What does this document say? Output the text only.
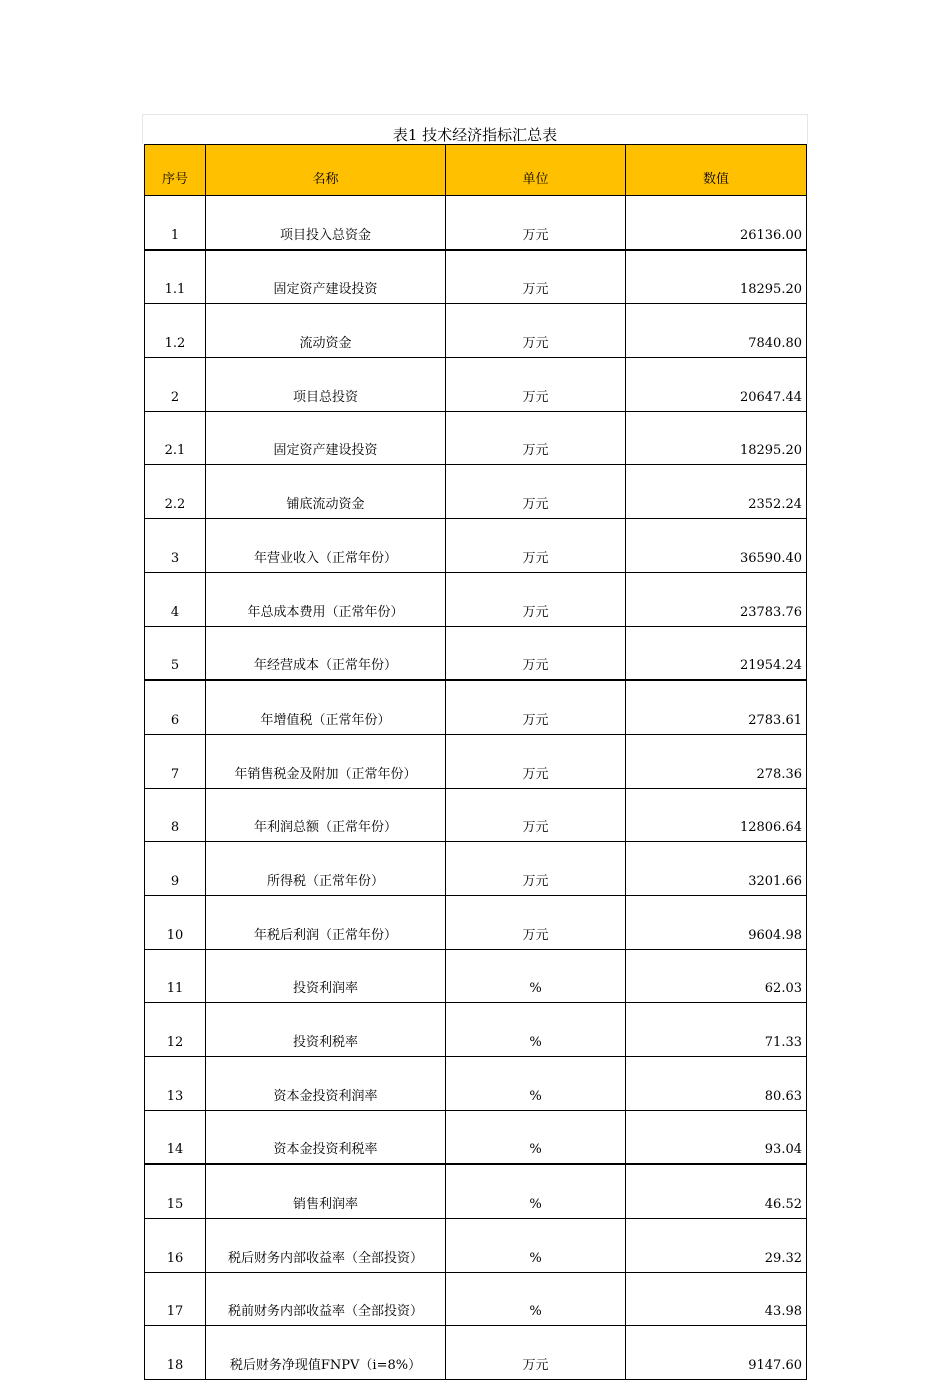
表1 技术经济指标汇总表
序号	名称	单位	数值
1	项目投入总资金	万元	26136.00
1.1	固定资产建设投资	万元	18295.20
1.2	流动资金	万元	7840.80
2	项目总投资	万元	20647.44
2.1	固定资产建设投资	万元	18295.20
2.2	铺底流动资金	万元	2352.24
3	年营业收入（正常年份）	万元	36590.40
4	年总成本费用（正常年份）	万元	23783.76
5	年经营成本（正常年份）	万元	21954.24
6	年增值税（正常年份）	万元	2783.61
7	年销售税金及附加（正常年份）	万元	278.36
8	年利润总额（正常年份）	万元	12806.64
9	所得税（正常年份）	万元	3201.66
10	年税后利润（正常年份）	万元	9604.98
11	投资利润率	%	62.03
12	投资利税率	%	71.33
13	资本金投资利润率	%	80.63
14	资本金投资利税率	%	93.04
15	销售利润率	%	46.52
16	税后财务内部收益率（全部投资）	%	29.32
17	税前财务内部收益率（全部投资）	%	43.98
18	税后财务净现值FNPV（i=8%）	万元	9147.60
